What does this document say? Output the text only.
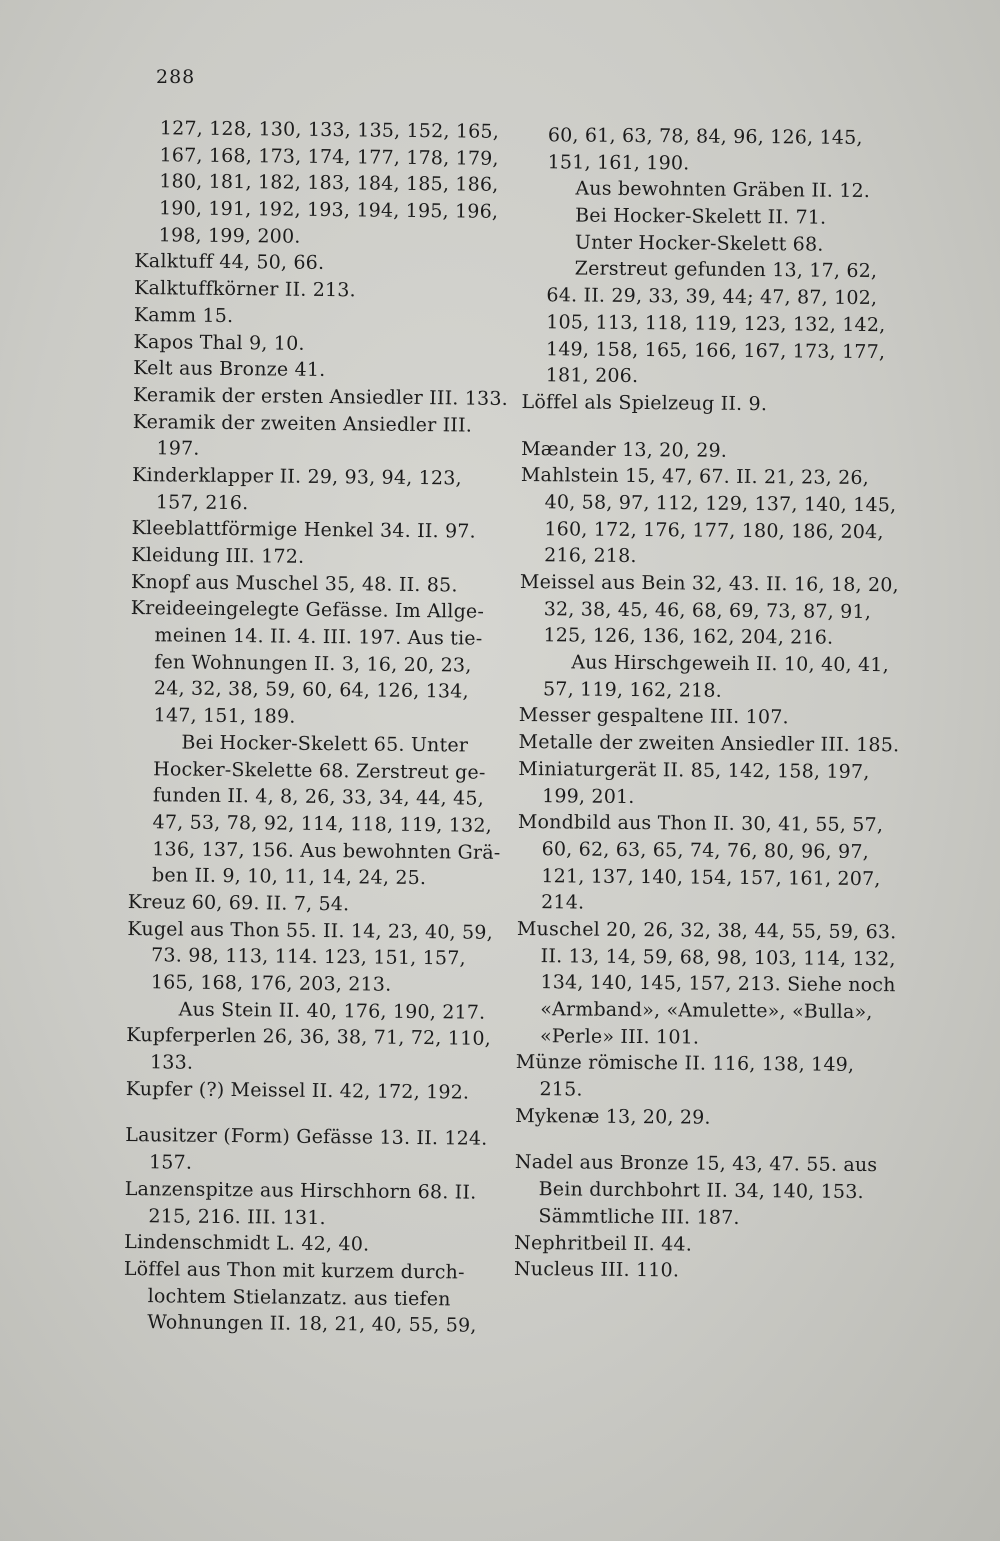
288
127, 128, 130, 133, 135, 152, 165,
167, 168, 173, 174, 177, 178, 179,
180, 181, 182, 183, 184, 185, 186,
190, 191, 192, 193, 194, 195, 196,
198, 199, 200.
Kalktuff 44, 50, 66.
Kalktuffkörner II. 213.
Kamm 15.
Kapos Thal 9, 10.
Kelt aus Bronze 41.
Keramik der ersten Ansiedler III. 133.
Keramik der zweiten Ansiedler III.
197.
Kinderklapper II. 29, 93, 94, 123,
157, 216.
Kleeblattförmige Henkel 34. II. 97.
Kleidung III. 172.
Knopf aus Muschel 35, 48. II. 85.
Kreideeingelegte Gefässe. Im Allge-
meinen 14. II. 4. III. 197. Aus tie-
fen Wohnungen II. 3, 16, 20, 23,
24, 32, 38, 59, 60, 64, 126, 134,
147, 151, 189.
Bei Hocker-Skelett 65. Unter
Hocker-Skelette 68. Zerstreut ge-
funden II. 4, 8, 26, 33, 34, 44, 45,
47, 53, 78, 92, 114, 118, 119, 132,
136, 137, 156. Aus bewohnten Grä-
ben II. 9, 10, 11, 14, 24, 25.
Kreuz 60, 69. II. 7, 54.
Kugel aus Thon 55. II. 14, 23, 40, 59,
73. 98, 113, 114. 123, 151, 157,
165, 168, 176, 203, 213.
Aus Stein II. 40, 176, 190, 217.
Kupferperlen 26, 36, 38, 71, 72, 110,
133.
Kupfer (?) Meissel II. 42, 172, 192.
Lausitzer (Form) Gefässe 13. II. 124.
157.
Lanzenspitze aus Hirschhorn 68. II.
215, 216. III. 131.
Lindenschmidt L. 42, 40.
Löffel aus Thon mit kurzem durch-
lochtem Stielanzatz. aus tiefen
Wohnungen II. 18, 21, 40, 55, 59,
60, 61, 63, 78, 84, 96, 126, 145,
151, 161, 190.
Aus bewohnten Gräben II. 12.
Bei Hocker-Skelett II. 71.
Unter Hocker-Skelett 68.
Zerstreut gefunden 13, 17, 62,
64. II. 29, 33, 39, 44; 47, 87, 102,
105, 113, 118, 119, 123, 132, 142,
149, 158, 165, 166, 167, 173, 177,
181, 206.
Löffel als Spielzeug II. 9.
Mæander 13, 20, 29.
Mahlstein 15, 47, 67. II. 21, 23, 26,
40, 58, 97, 112, 129, 137, 140, 145,
160, 172, 176, 177, 180, 186, 204,
216, 218.
Meissel aus Bein 32, 43. II. 16, 18, 20,
32, 38, 45, 46, 68, 69, 73, 87, 91,
125, 126, 136, 162, 204, 216.
Aus Hirschgeweih II. 10, 40, 41,
57, 119, 162, 218.
Messer gespaltene III. 107.
Metalle der zweiten Ansiedler III. 185.
Miniaturgerät II. 85, 142, 158, 197,
199, 201.
Mondbild aus Thon II. 30, 41, 55, 57,
60, 62, 63, 65, 74, 76, 80, 96, 97,
121, 137, 140, 154, 157, 161, 207,
214.
Muschel 20, 26, 32, 38, 44, 55, 59, 63.
II. 13, 14, 59, 68, 98, 103, 114, 132,
134, 140, 145, 157, 213. Siehe noch
«Armband», «Amulette», «Bulla»,
«Perle» III. 101.
Münze römische II. 116, 138, 149,
215.
Mykenæ 13, 20, 29.
Nadel aus Bronze 15, 43, 47. 55. aus
Bein durchbohrt II. 34, 140, 153.
Sämmtliche III. 187.
Nephritbeil II. 44.
Nucleus III. 110.
